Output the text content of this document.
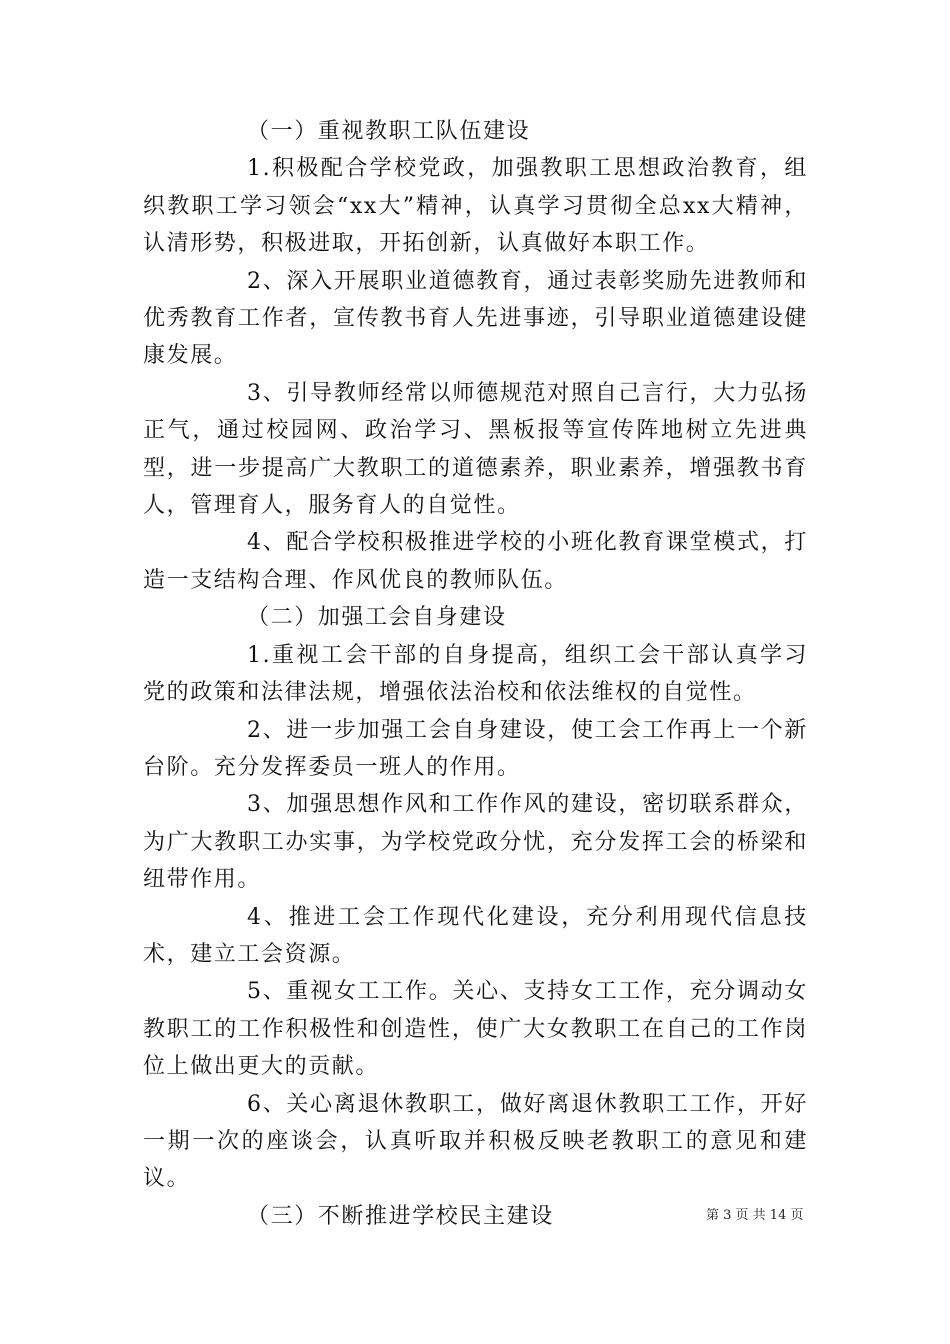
（一）重视教职工队伍建设

1.积极配合学校党政，加强教职工思想政治教育，组织教职工学习领会“xx大”精神，认真学习贯彻全总xx大精神，认清形势，积极进取，开拓创新，认真做好本职工作。

2、深入开展职业道德教育，通过表彰奖励先进教师和优秀教育工作者，宣传教书育人先进事迹，引导职业道德建设健康发展。

3、引导教师经常以师德规范对照自己言行，大力弘扬正气，通过校园网、政治学习、黑板报等宣传阵地树立先进典型，进一步提高广大教职工的道德素养，职业素养，增强教书育人，管理育人，服务育人的自觉性。

4、配合学校积极推进学校的小班化教育课堂模式，打造一支结构合理、作风优良的教师队伍。

（二）加强工会自身建设

1.重视工会干部的自身提高，组织工会干部认真学习党的政策和法律法规，增强依法治校和依法维权的自觉性。

2、进一步加强工会自身建设，使工会工作再上一个新台阶。充分发挥委员一班人的作用。

3、加强思想作风和工作作风的建设，密切联系群众，为广大教职工办实事，为学校党政分忧，充分发挥工会的桥梁和纽带作用。

4、推进工会工作现代化建设，充分利用现代信息技术，建立工会资源。

5、重视女工工作。关心、支持女工工作，充分调动女教职工的工作积极性和创造性，使广大女教职工在自己的工作岗位上做出更大的贡献。

6、关心离退休教职工，做好离退休教职工工作，开好一期一次的座谈会，认真听取并积极反映老教职工的意见和建议。

（三）不断推进学校民主建设	第 3 页 共 14 页
